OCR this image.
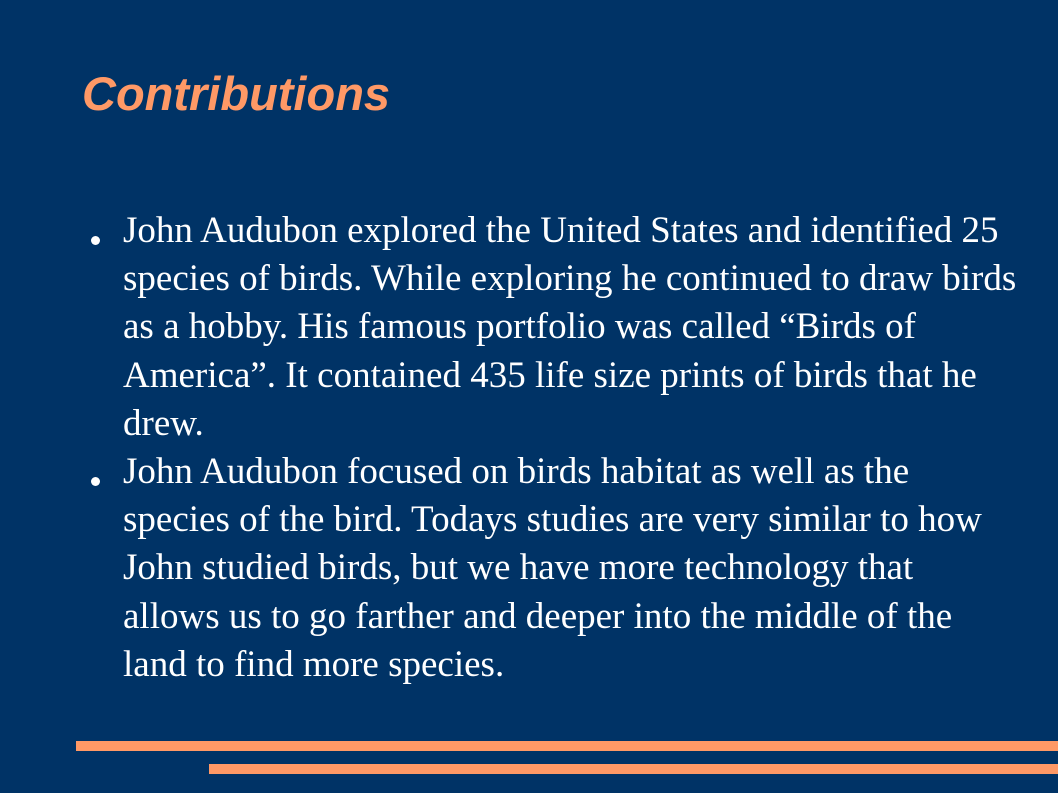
Contributions
John Audubon explored the United States and identified 25 species of birds. While exploring he continued to draw birds as a hobby. His famous portfolio was called “Birds of America”. It contained 435 life size prints of birds that he drew.
John Audubon focused on birds habitat as well as the species of the bird. Todays studies are very similar to how John studied birds, but we have more technology that allows us to go farther and deeper into the middle of the land to find more species.
